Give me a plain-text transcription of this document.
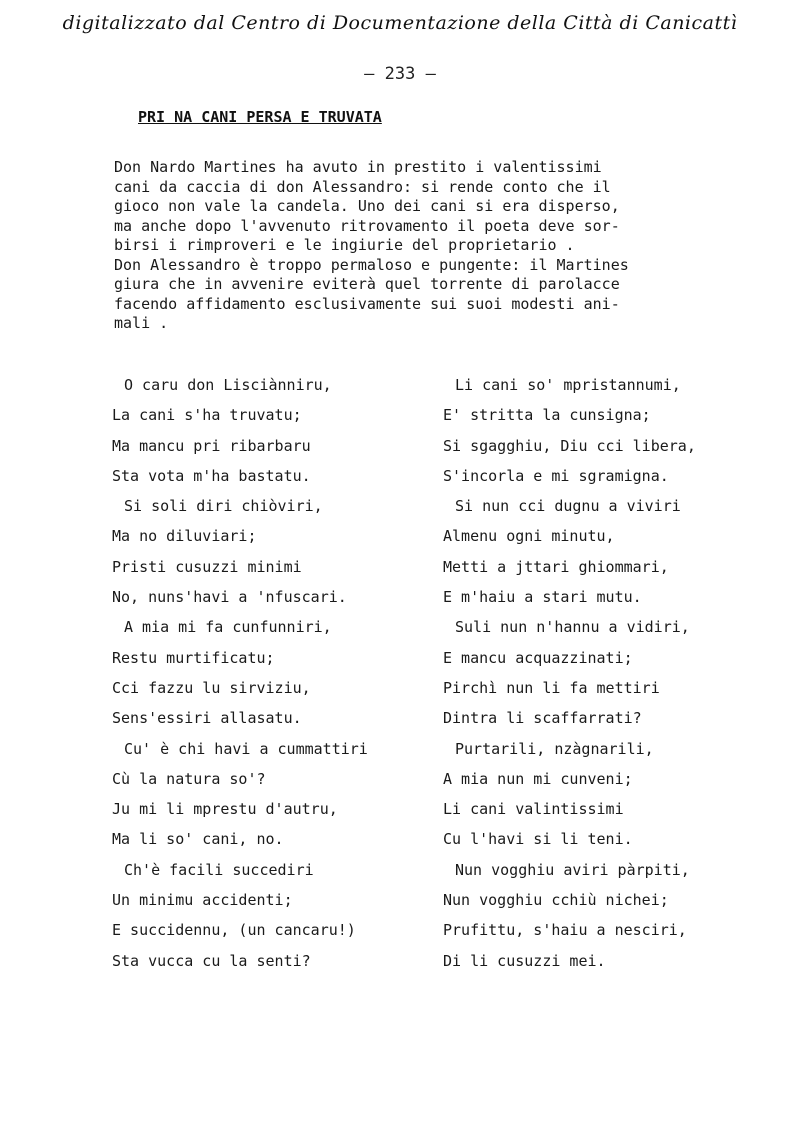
digitalizzato dal Centro di Documentazione della Città di Canicattì
– 233 –
PRI NA CANI PERSA E TRUVATA
Don Nardo Martines ha avuto in prestito i valentissimi
cani da caccia di don Alessandro: si rende conto che il
gioco non vale la candela. Uno dei cani si era disperso,
ma anche dopo l'avvenuto ritrovamento il poeta deve sor-
birsi i rimproveri e le ingiurie del proprietario .
Don Alessandro è troppo permaloso e pungente: il Martines
giura che in avvenire eviterà quel torrente di parolacce
facendo affidamento esclusivamente sui suoi modesti ani-
mali .
O caru don Lisciànniru,
La cani s'ha truvatu;
Ma mancu pri ribarbaru
Sta vota m'ha bastatu.
Si soli diri chiòviri,
Ma no diluviari;
Pristi cusuzzi minimi
No, nuns'havi a 'nfuscari.
A mia mi fa cunfunniri,
Restu murtificatu;
Cci fazzu lu sirviziu,
Sens'essiri allasatu.
Cu' è chi havi a cummattiri
Cù la natura so'?
Ju mi li mprestu d'autru,
Ma li so' cani, no.
Ch'è facili succediri
Un minimu accidenti;
E succidennu, (un cancaru!)
Sta vucca cu la senti?
Li cani so' mpristannumi,
E' stritta la cunsigna;
Si sgagghiu, Diu cci libera,
S'incorla e mi sgramigna.
Si nun cci dugnu a viviri
Almenu ogni minutu,
Metti a jttari ghiommari,
E m'haiu a stari mutu.
Suli nun n'hannu a vidiri,
E mancu acquazzinati;
Pirchì nun li fa mettiri
Dintra li scaffarrati?
Purtarili, nzàgnarili,
A mia nun mi cunveni;
Li cani valintissimi
Cu l'havi si li teni.
Nun vogghiu aviri pàrpiti,
Nun vogghiu cchiù nichei;
Prufittu, s'haiu a nesciri,
Di li cusuzzi mei.
